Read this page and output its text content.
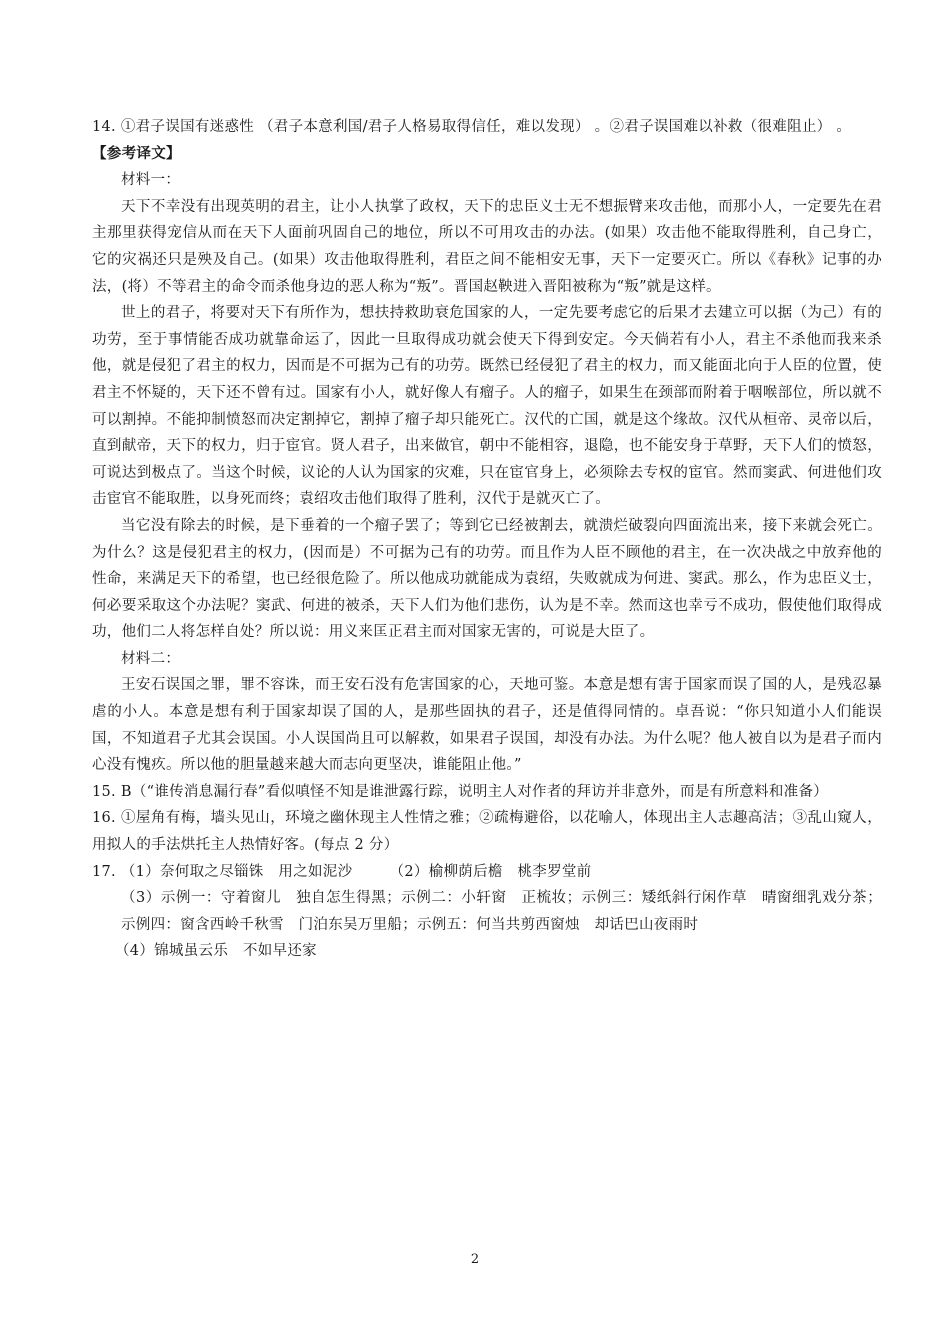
14. ①君子误国有迷惑性 （君子本意利国/君子人格易取得信任，难以发现） 。②君子误国难以补救（很难阻止） 。

【参考译文】

材料一：

天下不幸没有出现英明的君主，让小人执掌了政权，天下的忠臣义士无不想振臂来攻击他，而那小人，一定要先在君主那里获得宠信从而在天下人面前巩固自己的地位，所以不可用攻击的办法。(如果）攻击他不能取得胜利，自己身亡，它的灾祸还只是殃及自己。(如果）攻击他取得胜利，君臣之间不能相安无事，天下一定要灭亡。所以《春秋》记事的办法，(将）不等君主的命令而杀他身边的恶人称为“叛”。晋国赵鞅进入晋阳被称为“叛”就是这样。

世上的君子，将要对天下有所作为，想扶持救助衰危国家的人，一定先要考虑它的后果才去建立可以据（为己）有的功劳，至于事情能否成功就靠命运了，因此一旦取得成功就会使天下得到安定。今天倘若有小人，君主不杀他而我来杀他，就是侵犯了君主的权力，因而是不可据为己有的功劳。既然已经侵犯了君主的权力，而又能面北向于人臣的位置，使君主不怀疑的，天下还不曾有过。国家有小人，就好像人有瘤子。人的瘤子，如果生在颈部而附着于咽喉部位，所以就不可以割掉。不能抑制愤怒而决定割掉它，割掉了瘤子却只能死亡。汉代的亡国，就是这个缘故。汉代从桓帝、灵帝以后，直到献帝，天下的权力，归于宦官。贤人君子，出来做官，朝中不能相容，退隐，也不能安身于草野，天下人们的愤怒，可说达到极点了。当这个时候，议论的人认为国家的灾难，只在宦官身上，必须除去专权的宦官。然而窦武、何进他们攻击宦官不能取胜，以身死而终；袁绍攻击他们取得了胜利，汉代于是就灭亡了。

当它没有除去的时候，是下垂着的一个瘤子罢了；等到它已经被割去，就溃烂破裂向四面流出来，接下来就会死亡。为什么？这是侵犯君主的权力，(因而是）不可据为己有的功劳。而且作为人臣不顾他的君主，在一次决战之中放弃他的性命，来满足天下的希望，也已经很危险了。所以他成功就能成为袁绍，失败就成为何进、窦武。那么，作为忠臣义士，何必要采取这个办法呢？窦武、何进的被杀，天下人们为他们悲伤，认为是不幸。然而这也幸亏不成功，假使他们取得成功，他们二人将怎样自处？所以说：用义来匡正君主而对国家无害的，可说是大臣了。

材料二：

王安石误国之罪，罪不容诛，而王安石没有危害国家的心，天地可鉴。本意是想有害于国家而误了国的人，是残忍暴虐的小人。本意是想有利于国家却误了国的人，是那些固执的君子，还是值得同情的。卓吾说：“你只知道小人们能误国，不知道君子尤其会误国。小人误国尚且可以解救，如果君子误国，却没有办法。为什么呢？他人被自以为是君子而内心没有愧疚。所以他的胆量越来越大而志向更坚决，谁能阻止他。”

15. B（“谁传消息漏行春”看似嗔怪不知是谁泄露行踪，说明主人对作者的拜访并非意外，而是有所意料和准备）

16. ①屋角有梅，墙头见山，环境之幽休现主人性情之雅；②疏梅避俗，以花喻人，体现出主人志趣高洁；③乱山窥人，用拟人的手法烘托主人热情好客。(每点 2 分）

17. （1）奈何取之尽锱铢　用之如泥沙　　　（2）榆柳荫后檐　桃李罗堂前

（3）示例一：守着窗儿　独自怎生得黑；示例二：小轩窗　正梳妆；示例三：矮纸斜行闲作草　晴窗细乳戏分茶；示例四：窗含西岭千秋雪　门泊东吴万里船；示例五：何当共剪西窗烛　却话巴山夜雨时

（4）锦城虽云乐　不如早还家

2
